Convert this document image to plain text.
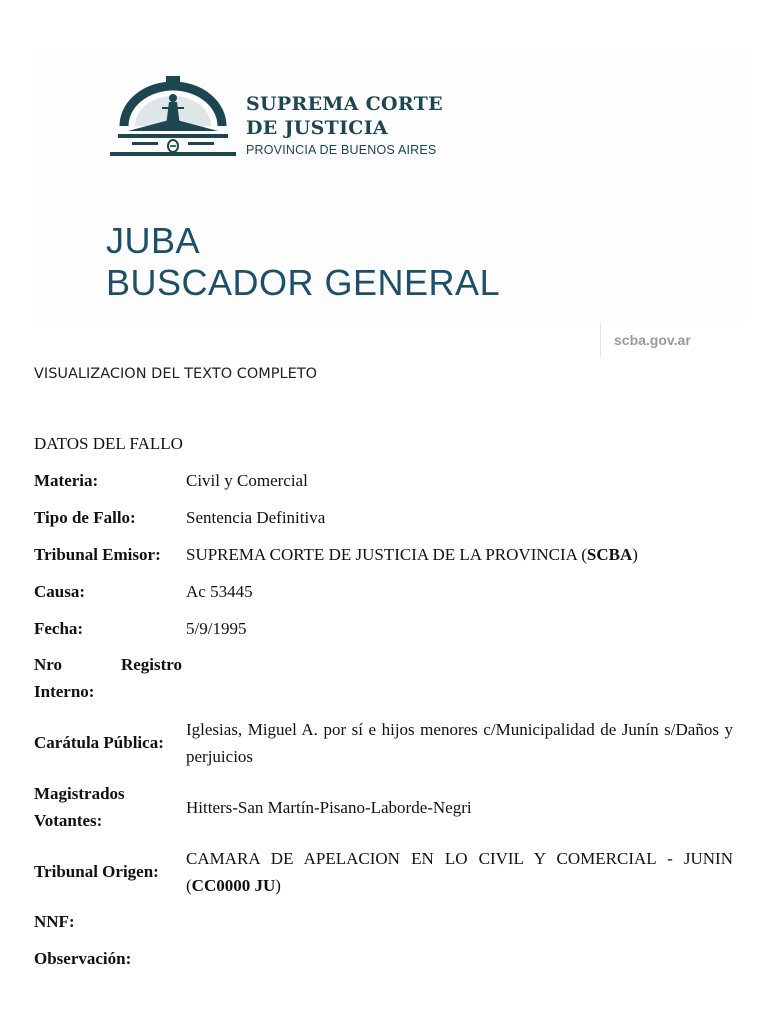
SUPREMA CORTE
DE JUSTICIA
PROVINCIA DE BUENOS AIRES
JUBA
BUSCADOR GENERAL
scba.gov.ar
VISUALIZACION DEL TEXTO COMPLETO
DATOS DEL FALLO
Materia:	Civil y Comercial
Tipo de Fallo:	Sentencia Definitiva
Tribunal Emisor:	SUPREMA CORTE DE JUSTICIA DE LA PROVINCIA (SCBA)
Causa:	Ac 53445
Fecha:	5/9/1995
Nro	Registro
Interno:
Carátula Pública:
Iglesias, Miguel A. por sí e hijos menores c/Municipalidad de Junín s/Daños y perjuicios
Magistrados
Votantes:
Hitters-San Martín-Pisano-Laborde-Negri
Tribunal Origen:
CAMARA DE APELACION EN LO CIVIL Y COMERCIAL - JUNIN (CC0000 JU)
NNF:
Observación:
